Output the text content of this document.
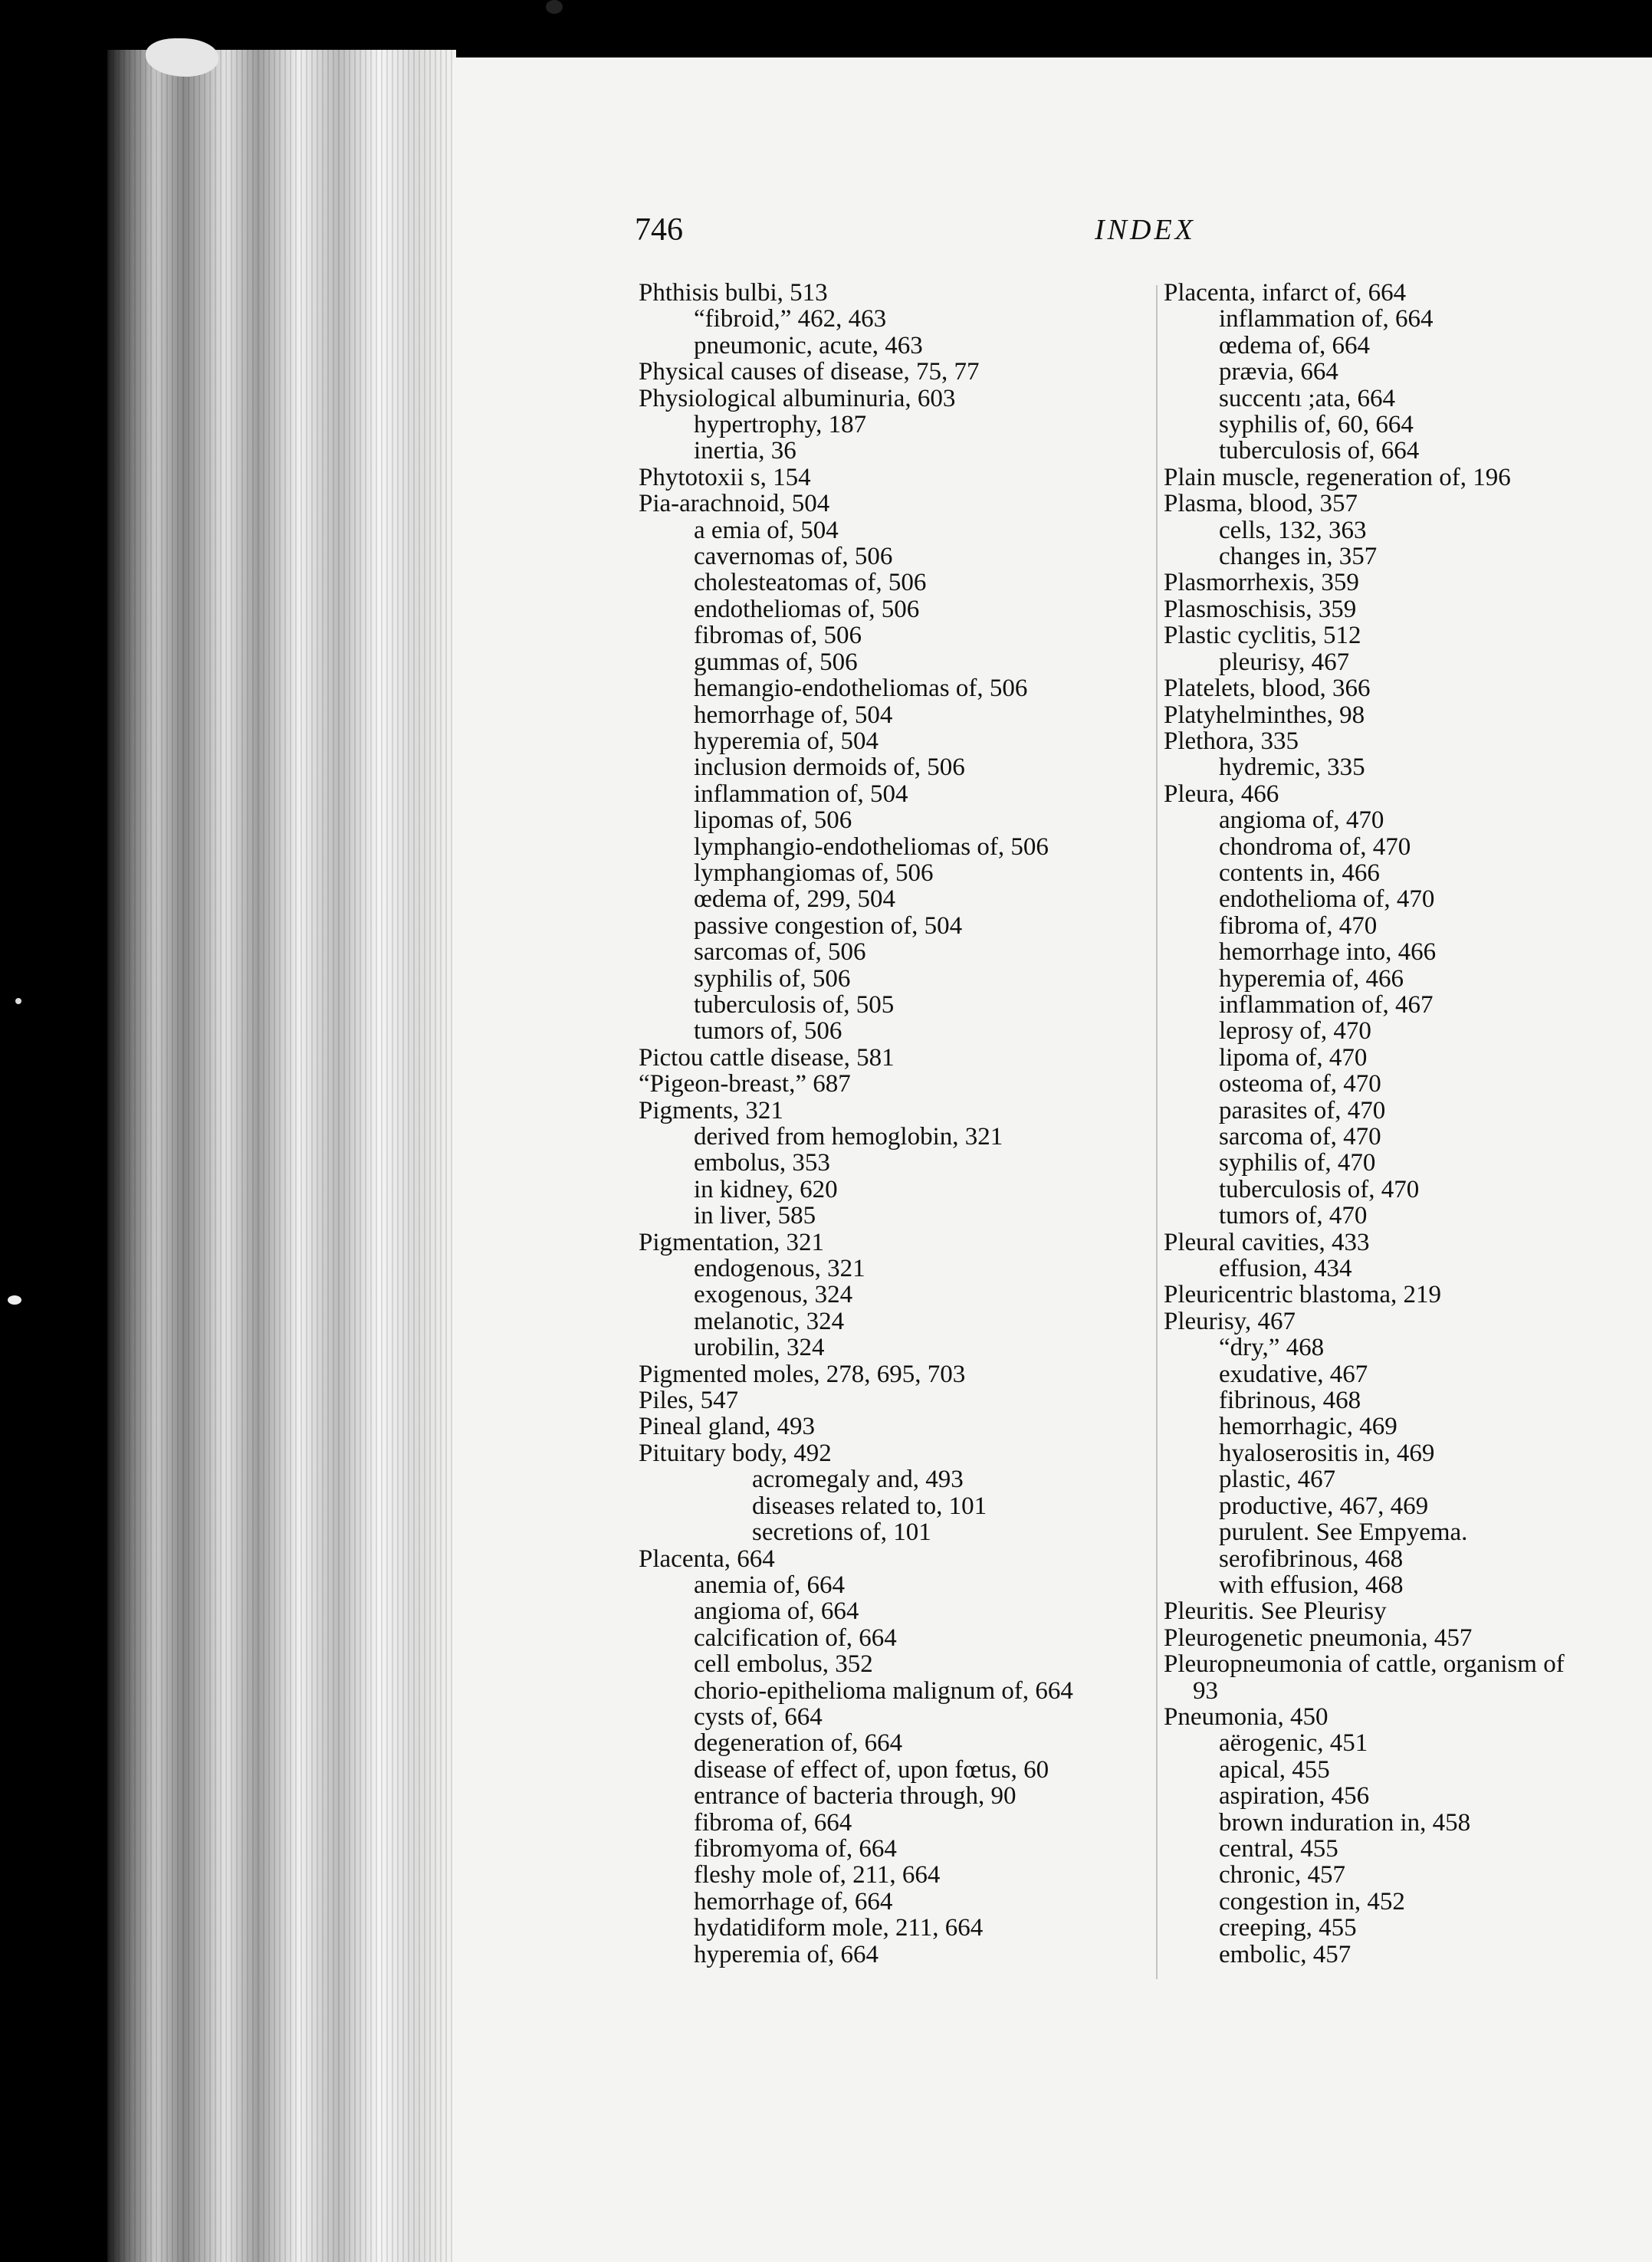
746	INDEX
Phthisis bulbi, 513
“fibroid,” 462, 463
pneumonic, acute, 463
Physical causes of disease, 75, 77
Physiological albuminuria, 603
hypertrophy, 187
inertia, 36
Phytotoxii s, 154
Pia-arachnoid, 504
a emia of, 504
cavernomas of, 506
cholesteatomas of, 506
endotheliomas of, 506
fibromas of, 506
gummas of, 506
hemangio-endotheliomas of, 506
hemorrhage of, 504
hyperemia of, 504
inclusion dermoids of, 506
inflammation of, 504
lipomas of, 506
lymphangio-endotheliomas of, 506
lymphangiomas of, 506
œdema of, 299, 504
passive congestion of, 504
sarcomas of, 506
syphilis of, 506
tuberculosis of, 505
tumors of, 506
Pictou cattle disease, 581
“Pigeon-breast,” 687
Pigments, 321
derived from hemoglobin, 321
embolus, 353
in kidney, 620
in liver, 585
Pigmentation, 321
endogenous, 321
exogenous, 324
melanotic, 324
urobilin, 324
Pigmented moles, 278, 695, 703
Piles, 547
Pineal gland, 493
Pituitary body, 492
acromegaly and, 493
diseases related to, 101
secretions of, 101
Placenta, 664
anemia of, 664
angioma of, 664
calcification of, 664
cell embolus, 352
chorio-epithelioma malignum of, 664
cysts of, 664
degeneration of, 664
disease of effect of, upon fœtus, 60
entrance of bacteria through, 90
fibroma of, 664
fibromyoma of, 664
fleshy mole of, 211, 664
hemorrhage of, 664
hydatidiform mole, 211, 664
hyperemia of, 664
Placenta, infarct of, 664
inflammation of, 664
œdema of, 664
prævia, 664
succentı ;ata, 664
syphilis of, 60, 664
tuberculosis of, 664
Plain muscle, regeneration of, 196
Plasma, blood, 357
cells, 132, 363
changes in, 357
Plasmorrhexis, 359
Plasmoschisis, 359
Plastic cyclitis, 512
pleurisy, 467
Platelets, blood, 366
Platyhelminthes, 98
Plethora, 335
hydremic, 335
Pleura, 466
angioma of, 470
chondroma of, 470
contents in, 466
endothelioma of, 470
fibroma of, 470
hemorrhage into, 466
hyperemia of, 466
inflammation of, 467
leprosy of, 470
lipoma of, 470
osteoma of, 470
parasites of, 470
sarcoma of, 470
syphilis of, 470
tuberculosis of, 470
tumors of, 470
Pleural cavities, 433
effusion, 434
Pleuricentric blastoma, 219
Pleurisy, 467
“dry,” 468
exudative, 467
fibrinous, 468
hemorrhagic, 469
hyaloserositis in, 469
plastic, 467
productive, 467, 469
purulent. See Empyema.
serofibrinous, 468
with effusion, 468
Pleuritis. See Pleurisy
Pleurogenetic pneumonia, 457
Pleuropneumonia of cattle, organism of
93
Pneumonia, 450
aërogenic, 451
apical, 455
aspiration, 456
brown induration in, 458
central, 455
chronic, 457
congestion in, 452
creeping, 455
embolic, 457
